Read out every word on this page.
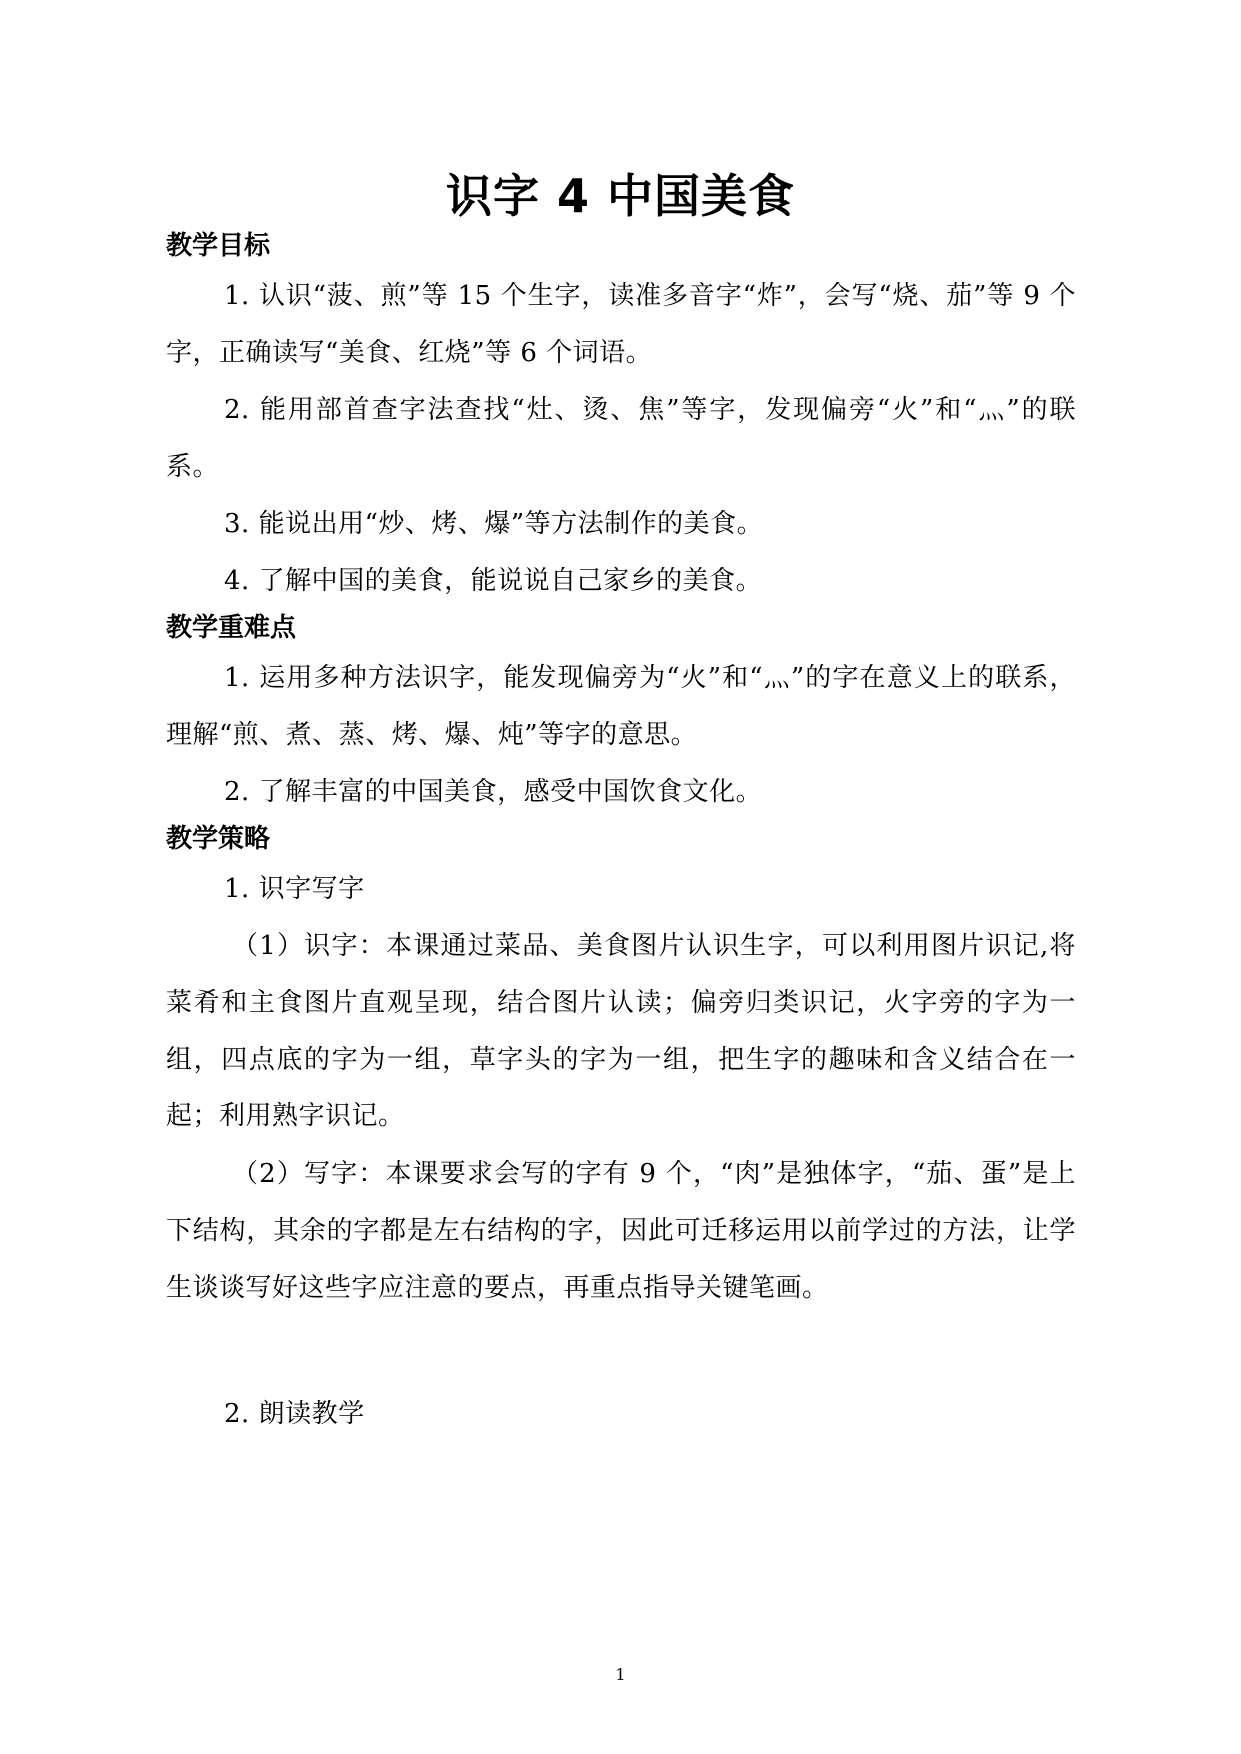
识字 4 中国美食
教学目标

1. 认识“菠、煎”等 15 个生字，读准多音字“炸”，会写“烧、茄”等 9 个字，正确读写“美食、红烧”等 6 个词语。

2. 能用部首查字法查找“灶、烫、焦”等字，发现偏旁“火”和“灬”的联系。

3. 能说出用“炒、烤、爆”等方法制作的美食。

4. 了解中国的美食，能说说自己家乡的美食。

教学重难点

1. 运用多种方法识字，能发现偏旁为“火”和“灬”的字在意义上的联系，理解“煎、煮、蒸、烤、爆、炖”等字的意思。

2. 了解丰富的中国美食，感受中国饮食文化。

教学策略

1. 识字写字

（1）识字：本课通过菜品、美食图片认识生字，可以利用图片识记,将菜肴和主食图片直观呈现，结合图片认读；偏旁归类识记，火字旁的字为一组，四点底的字为一组，草字头的字为一组，把生字的趣味和含义结合在一起；利用熟字识记。

（2）写字：本课要求会写的字有 9 个，“肉”是独体字，“茄、蛋”是上下结构，其余的字都是左右结构的字，因此可迁移运用以前学过的方法，让学生谈谈写好这些字应注意的要点，再重点指导关键笔画。

2. 朗读教学

1
